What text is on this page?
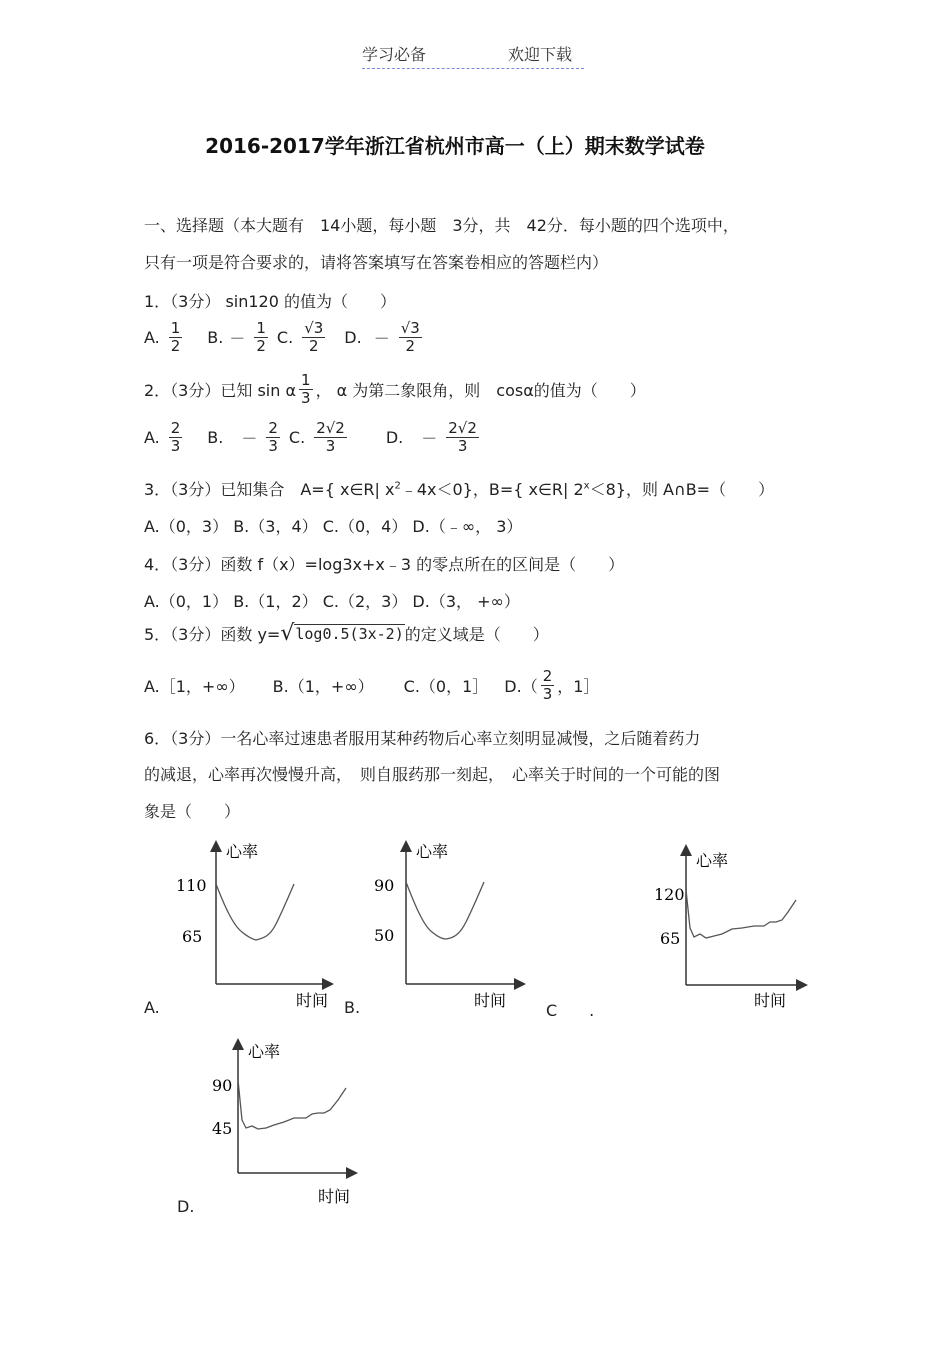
学习必备	欢迎下载
2016-2017学年浙江省杭州市高一（上）期末数学试卷
一、选择题（本大题有　14小题，每小题　3分，共　42分．每小题的四个选项中，
只有一项是符合要求的，请将答案填写在答案卷相应的答题栏内）
1．（3分） sin120 的值为（　　）
A. $\frac{1}{2} B$. － $\frac{1}{2} C$. $\frac{√3}{2} D$. － $\frac{√3}{2}$
2．（3分）已知 sin α $\frac{1}{3}$ ， α 为第二象限角，则　cosα的值为（　　）
A. $\frac{2}{3} B$. － $\frac{2}{3} C$. $\frac{2√2}{3} D$. － $\frac{2√2}{3}$
3．（3分）已知集合　A={ x∈R| $x^2﹣4x<0$}，B={ x∈R| $2^x<8$}，则 A∩B=（　　）
A.（0，3） B.（3，4） C.（0，4） D.（﹣∞， 3）
4．（3分）函数 f（x）=log3x+x﹣3 的零点所在的区间是（　　）
A.（0，1） B.（1，2） C.（2，3） D.（3， +∞）
5．（3分）函数 y= √ log0.5(3x-2) 的定义域是（　　）
A.［1，+∞） B.（1，+∞） C.（0，1］ $D.( \frac{2}{3}$ ，1］
6．（3分）一名心率过速患者服用某种药物后心率立刻明显减慢，之后随着药力
的减退，心率再次慢慢升高，　则自服药那一刻起，　心率关于时间的一个可能的图
象是（　　）
心率
110
65
时间
A.
心率
90
50
时间
B.
心率
120
65
时间
C　　.
心率
90
45
时间
D.
